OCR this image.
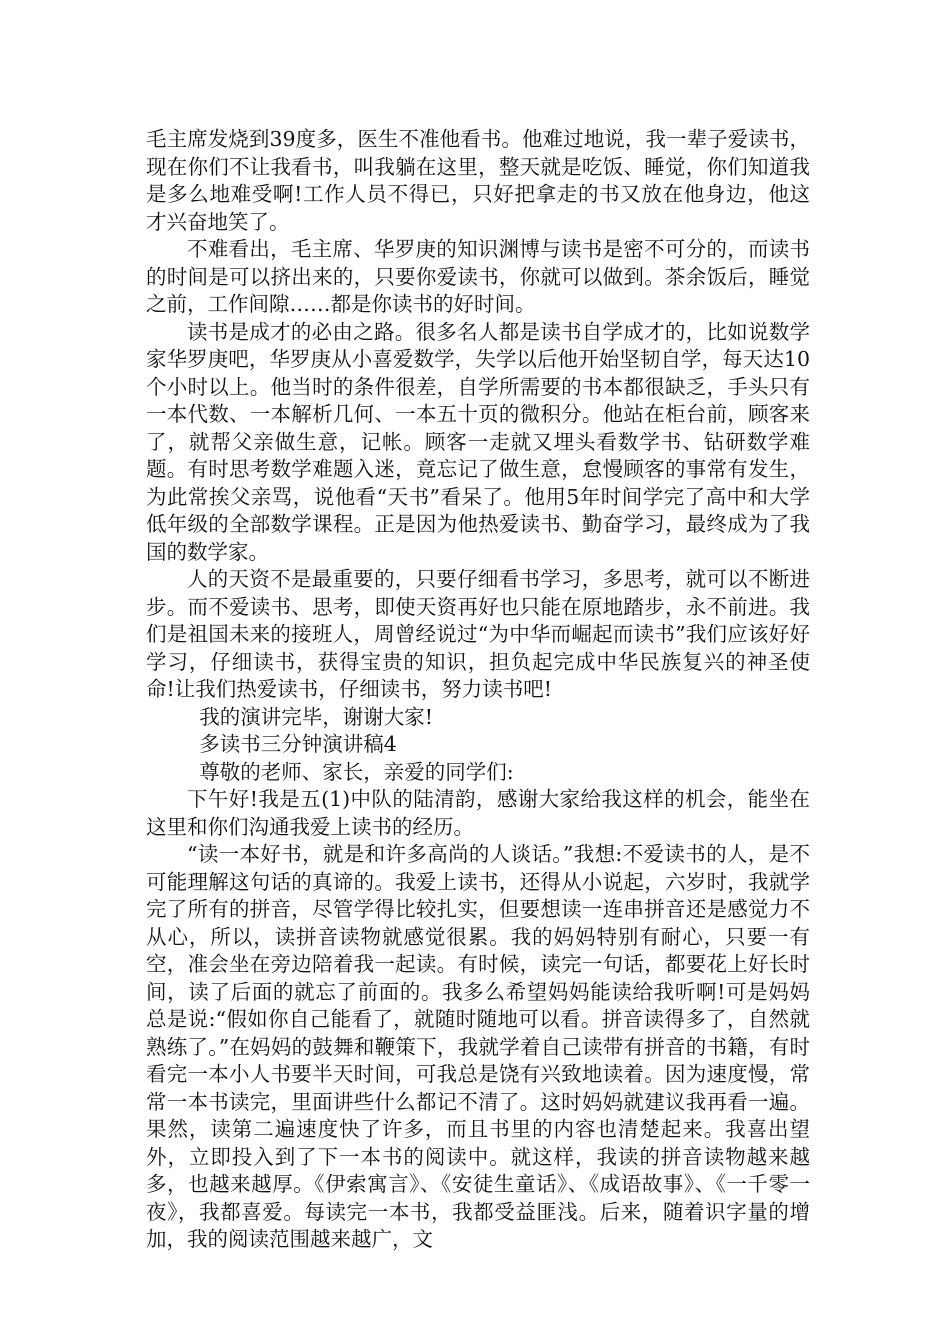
毛主席发烧到39度多，医生不准他看书。他难过地说，我一辈子爱读书，现在你们不让我看书，叫我躺在这里，整天就是吃饭、睡觉，你们知道我是多么地难受啊!工作人员不得已，只好把拿走的书又放在他身边，他这才兴奋地笑了。

不难看出，毛主席、华罗庚的知识渊博与读书是密不可分的，而读书的时间是可以挤出来的，只要你爱读书，你就可以做到。茶余饭后，睡觉之前，工作间隙……都是你读书的好时间。

读书是成才的必由之路。很多名人都是读书自学成才的，比如说数学家华罗庚吧，华罗庚从小喜爱数学，失学以后他开始坚韧自学，每天达10个小时以上。他当时的条件很差，自学所需要的书本都很缺乏，手头只有一本代数、一本解析几何、一本五十页的微积分。他站在柜台前，顾客来了，就帮父亲做生意，记帐。顾客一走就又埋头看数学书、钻研数学难题。有时思考数学难题入迷，竟忘记了做生意，怠慢顾客的事常有发生，为此常挨父亲骂，说他看“天书”看呆了。他用5年时间学完了高中和大学低年级的全部数学课程。正是因为他热爱读书、勤奋学习，最终成为了我国的数学家。

人的天资不是最重要的，只要仔细看书学习，多思考，就可以不断进步。而不爱读书、思考，即使天资再好也只能在原地踏步，永不前进。我们是祖国未来的接班人，周曾经说过“为中华而崛起而读书”我们应该好好学习，仔细读书，获得宝贵的知识，担负起完成中华民族复兴的神圣使命!让我们热爱读书，仔细读书，努力读书吧!

我的演讲完毕，谢谢大家!

多读书三分钟演讲稿4

尊敬的老师、家长，亲爱的同学们:

下午好!我是五(1)中队的陆清韵，感谢大家给我这样的机会，能坐在这里和你们沟通我爱上读书的经历。

“读一本好书，就是和许多高尚的人谈话。”我想:不爱读书的人，是不可能理解这句话的真谛的。我爱上读书，还得从小说起，六岁时，我就学完了所有的拼音，尽管学得比较扎实，但要想读一连串拼音还是感觉力不从心，所以，读拼音读物就感觉很累。我的妈妈特别有耐心，只要一有空，准会坐在旁边陪着我一起读。有时候，读完一句话，都要花上好长时间，读了后面的就忘了前面的。我多么希望妈妈能读给我听啊!可是妈妈总是说:“假如你自己能看了，就随时随地可以看。拼音读得多了，自然就熟练了。”在妈妈的鼓舞和鞭策下，我就学着自己读带有拼音的书籍，有时看完一本小人书要半天时间，可我总是饶有兴致地读着。因为速度慢，常常一本书读完，里面讲些什么都记不清了。这时妈妈就建议我再看一遍。果然，读第二遍速度快了许多，而且书里的内容也清楚起来。我喜出望外，立即投入到了下一本书的阅读中。就这样，我读的拼音读物越来越多，也越来越厚。《伊索寓言》、《安徒生童话》、《成语故事》、《一千零一夜》，我都喜爱。每读完一本书，我都受益匪浅。后来，随着识字量的增加，我的阅读范围越来越广，文
